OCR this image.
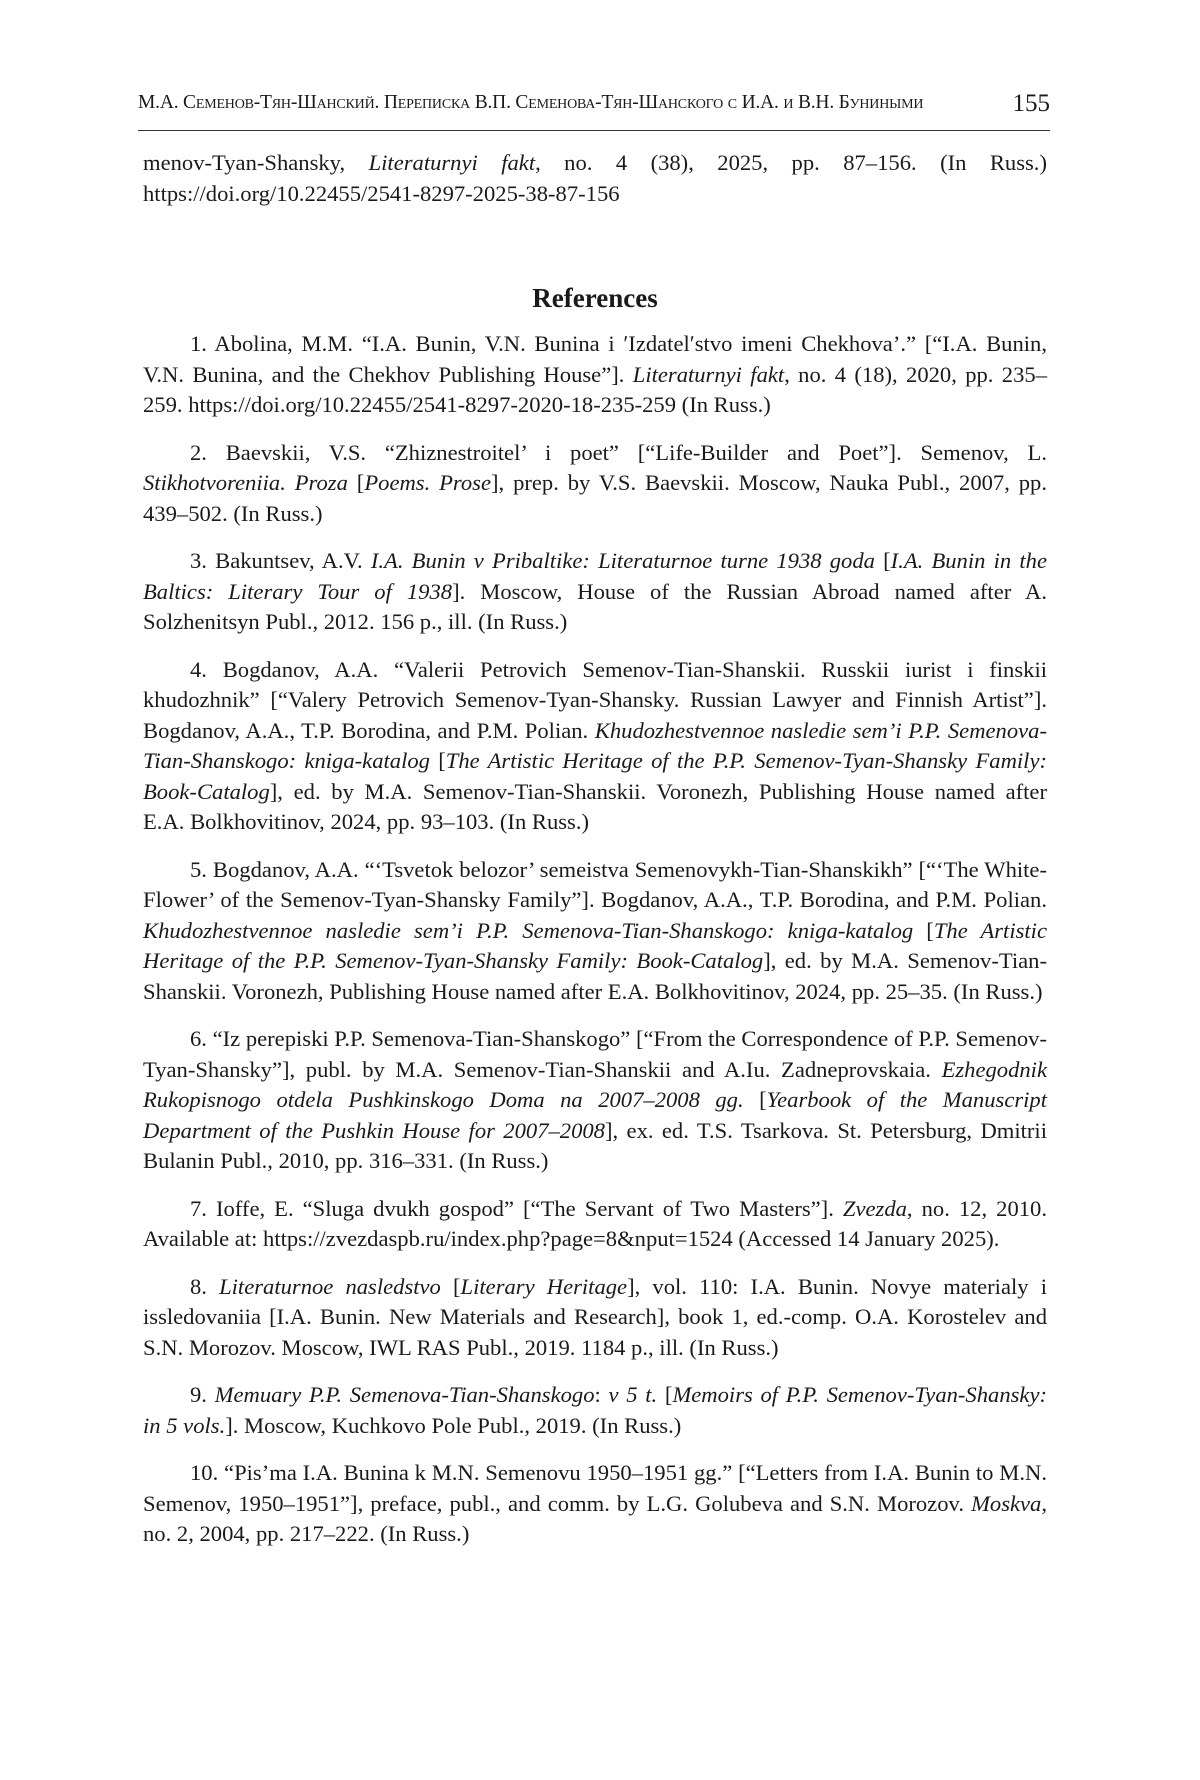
М.А. Семенов-Тян-Шанский. Переписка В.П. Семенова-Тян-Шанского с И.А. и В.Н. Буниными	155

menov-Tyan-Shansky, Literaturnyi fakt, no. 4 (38), 2025, pp. 87–156. (In Russ.) https://doi.org/10.22455/2541-8297-2025-38-87-156

References

1. Abolina, M.M. “I.A. Bunin, V.N. Bunina i ʹIzdatelʹstvo imeni Chekhova’.” [“I.A. Bunin, V.N. Bunina, and the Chekhov Publishing House”]. Literaturnyi fakt, no. 4 (18), 2020, pp. 235–259. https://doi.org/10.22455/2541-8297-2020-18-235-259 (In Russ.)

2. Baevskii, V.S. “Zhiznestroitel’ i poet” [“Life-Builder and Poet”]. Semenov, L. Stikhotvoreniia. Proza [Poems. Prose], prep. by V.S. Baevskii. Moscow, Nauka Publ., 2007, pp. 439–502. (In Russ.)

3. Bakuntsev, A.V. I.A. Bunin v Pribaltike: Literaturnoe turne 1938 goda [I.A. Bunin in the Baltics: Literary Tour of 1938]. Moscow, House of the Russian Abroad named after A. Solzhenitsyn Publ., 2012. 156 p., ill. (In Russ.)

4. Bogdanov, A.A. “Valerii Petrovich Semenov-Tian-Shanskii. Russkii iurist i finskii khudozhnik” [“Valery Petrovich Semenov-Tyan-Shansky. Russian Lawyer and Finnish Artist”]. Bogdanov, A.A., T.P. Borodina, and P.M. Polian. Khudozhestvennoe nasledie sem’i P.P. Semenova-Tian-Shanskogo: kniga-katalog [The Artistic Heritage of the P.P. Semenov-Tyan-Shansky Family: Book-Catalog], ed. by M.A. Semenov-Tian-Shanskii. Voronezh, Publishing House named after E.A. Bolkhovitinov, 2024, pp. 93–103. (In Russ.)

5. Bogdanov, A.A. “‘Tsvetok belozor’ semeistva Semenovykh-Tian-Shanskikh” [“‘The White-Flower’ of the Semenov-Tyan-Shansky Family”]. Bogdanov, A.A., T.P. Borodina, and P.M. Polian. Khudozhestvennoe nasledie sem’i P.P. Semenova-Tian-Shanskogo: kniga-katalog [The Artistic Heritage of the P.P. Semenov-Tyan-Shansky Family: Book-Catalog], ed. by M.A. Semenov-Tian-Shanskii. Voronezh, Publishing House named after E.A. Bolkhovitinov, 2024, pp. 25–35. (In Russ.)

6. “Iz perepiski P.P. Semenova-Tian-Shanskogo” [“From the Correspondence of P.P. Semenov-Tyan-Shansky”], publ. by M.A. Semenov-Tian-Shanskii and A.Iu. Zadneprovskaia. Ezhegodnik Rukopisnogo otdela Pushkinskogo Doma na 2007–2008 gg. [Yearbook of the Manuscript Department of the Pushkin House for 2007–2008], ex. ed. T.S. Tsarkova. St. Petersburg, Dmitrii Bulanin Publ., 2010, pp. 316–331. (In Russ.)

7. Ioffe, E. “Sluga dvukh gospod” [“The Servant of Two Masters”]. Zvezda, no. 12, 2010. Available at: https://zvezdaspb.ru/index.php?page=8&nput=1524 (Accessed 14 January 2025).

8. Literaturnoe nasledstvo [Literary Heritage], vol. 110: I.A. Bunin. Novye materialy i issledovaniia [I.A. Bunin. New Materials and Research], book 1, ed.-comp. O.A. Korostelev and S.N. Morozov. Moscow, IWL RAS Publ., 2019. 1184 p., ill. (In Russ.)

9. Memuary P.P. Semenova-Tian-Shanskogo: v 5 t. [Memoirs of P.P. Semenov-Tyan-Shansky: in 5 vols.]. Moscow, Kuchkovo Pole Publ., 2019. (In Russ.)

10. “Pis’ma I.A. Bunina k M.N. Semenovu 1950–1951 gg.” [“Letters from I.A. Bunin to M.N. Semenov, 1950–1951”], preface, publ., and comm. by L.G. Golubeva and S.N. Morozov. Moskva, no. 2, 2004, pp. 217–222. (In Russ.)
